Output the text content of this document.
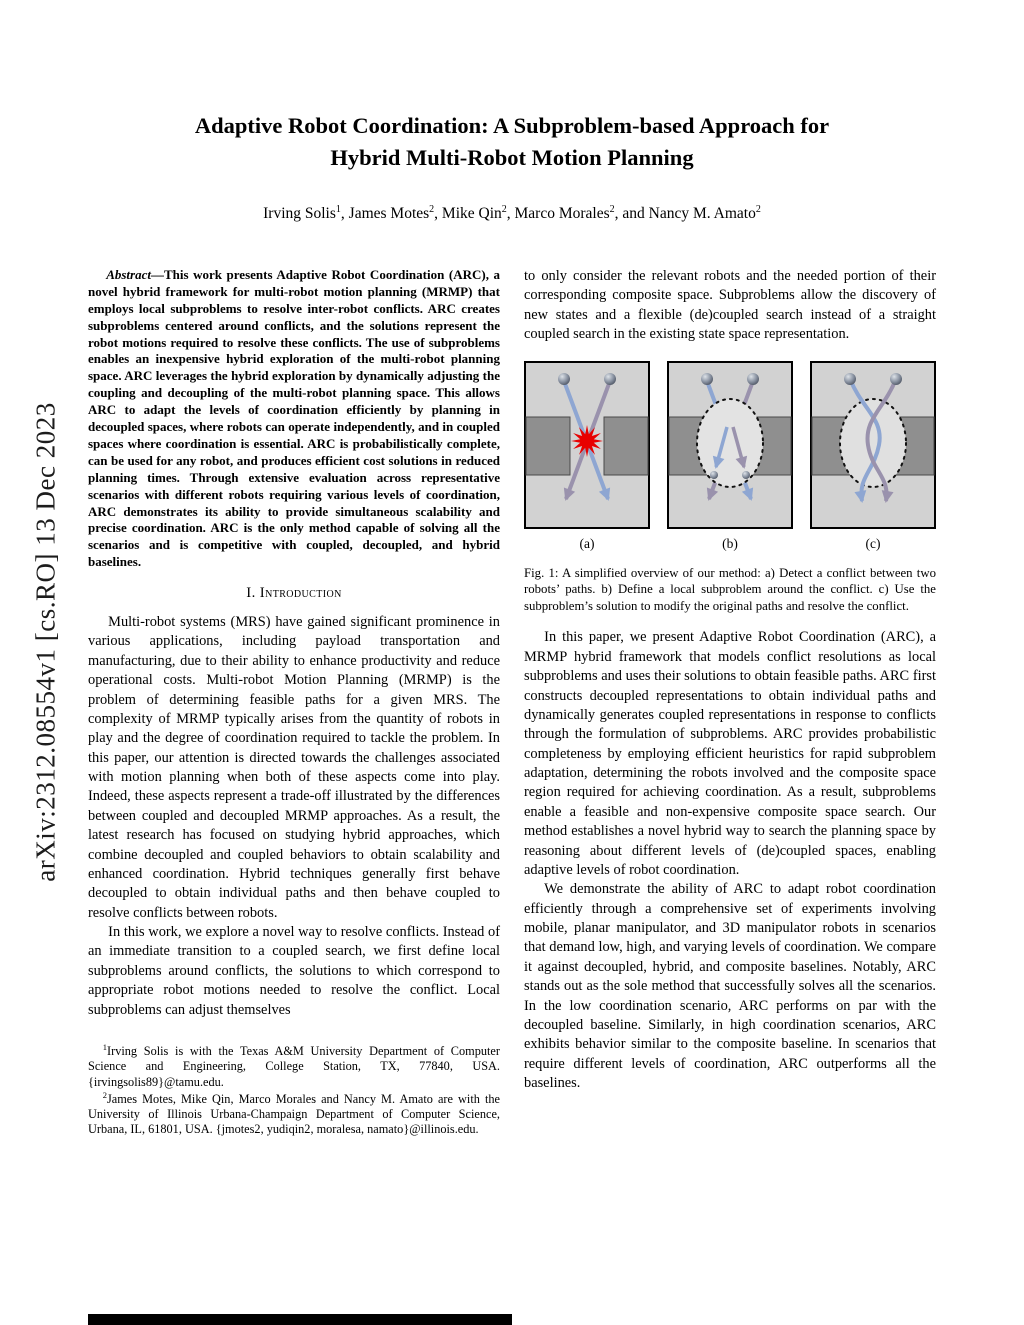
arXiv:2312.08554v1 [cs.RO] 13 Dec 2023
Adaptive Robot Coordination: A Subproblem-based Approach for
Hybrid Multi-Robot Motion Planning
Irving Solis$^1$, James Motes$^2$, Mike Qin$^2$, Marco Morales$^2$, and Nancy M. Amato$^2$

Abstract—This work presents Adaptive Robot Coordination (ARC), a novel hybrid framework for multi-robot motion planning (MRMP) that employs local subproblems to resolve inter-robot conflicts. ARC creates subproblems centered around conflicts, and the solutions represent the robot motions required to resolve these conflicts. The use of subproblems enables an inexpensive hybrid exploration of the multi-robot planning space. ARC leverages the hybrid exploration by dynamically adjusting the coupling and decoupling of the multi-robot planning space. This allows ARC to adapt the levels of coordination efficiently by planning in decoupled spaces, where robots can operate independently, and in coupled spaces where coordination is essential. ARC is probabilistically complete, can be used for any robot, and produces efficient cost solutions in reduced planning times. Through extensive evaluation across representative scenarios with different robots requiring various levels of coordination, ARC demonstrates its ability to provide simultaneous scalability and precise coordination. ARC is the only method capable of solving all the scenarios and is competitive with coupled, decoupled, and hybrid baselines.

I. Introduction

Multi-robot systems (MRS) have gained significant prominence in various applications, including payload transportation and manufacturing, due to their ability to enhance productivity and reduce operational costs. Multi-robot Motion Planning (MRMP) is the problem of determining feasible paths for a given MRS. The complexity of MRMP typically arises from the quantity of robots in play and the degree of coordination required to tackle the problem. In this paper, our attention is directed towards the challenges associated with motion planning when both of these aspects come into play. Indeed, these aspects represent a trade-off illustrated by the differences between coupled and decoupled MRMP approaches. As a result, the latest research has focused on studying hybrid approaches, which combine decoupled and coupled behaviors to obtain scalability and enhanced coordination. Hybrid techniques generally first behave decoupled to obtain individual paths and then behave coupled to resolve conflicts between robots.

In this work, we explore a novel way to resolve conflicts. Instead of an immediate transition to a coupled search, we first define local subproblems around conflicts, the solutions to which correspond to appropriate robot motions needed to resolve the conflict. Local subproblems can adjust themselves

$^1$Irving Solis is with the Texas A&M University Department of Computer Science and Engineering, College Station, TX, 77840, USA. {irvingsolis89}@tamu.edu.

$^2$James Motes, Mike Qin, Marco Morales and Nancy M. Amato are with the University of Illinois Urbana-Champaign Department of Computer Science, Urbana, IL, 61801, USA. {jmotes2, yudiqin2, moralesa, namato}@illinois.edu.

to only consider the relevant robots and the needed portion of their corresponding composite space. Subproblems allow the discovery of new states and a flexible (de)coupled search instead of a straight coupled search in the existing state space representation.

(a)	(b)	(c)
Fig. 1: A simplified overview of our method: a) Detect a conflict between two robots’ paths. b) Define a local subproblem around the conflict. c) Use the subproblem’s solution to modify the original paths and resolve the conflict.

In this paper, we present Adaptive Robot Coordination (ARC), a MRMP hybrid framework that models conflict resolutions as local subproblems and uses their solutions to obtain feasible paths. ARC first constructs decoupled representations to obtain individual paths and dynamically generates coupled representations in response to conflicts through the formulation of subproblems. ARC provides probabilistic completeness by employing efficient heuristics for rapid subproblem adaptation, determining the robots involved and the composite space region required for achieving coordination. As a result, subproblems enable a feasible and non-expensive composite space search. Our method establishes a novel hybrid way to search the planning space by reasoning about different levels of (de)coupled spaces, enabling adaptive levels of robot coordination.

We demonstrate the ability of ARC to adapt robot coordination efficiently through a comprehensive set of experiments involving mobile, planar manipulator, and 3D manipulator robots in scenarios that demand low, high, and varying levels of coordination. We compare it against decoupled, hybrid, and composite baselines. Notably, ARC stands out as the sole method that successfully solves all the scenarios. In the low coordination scenario, ARC performs on par with the decoupled baseline. Similarly, in high coordination scenarios, ARC exhibits behavior similar to the composite baseline. In scenarios that require different levels of coordination, ARC outperforms all the baselines.
